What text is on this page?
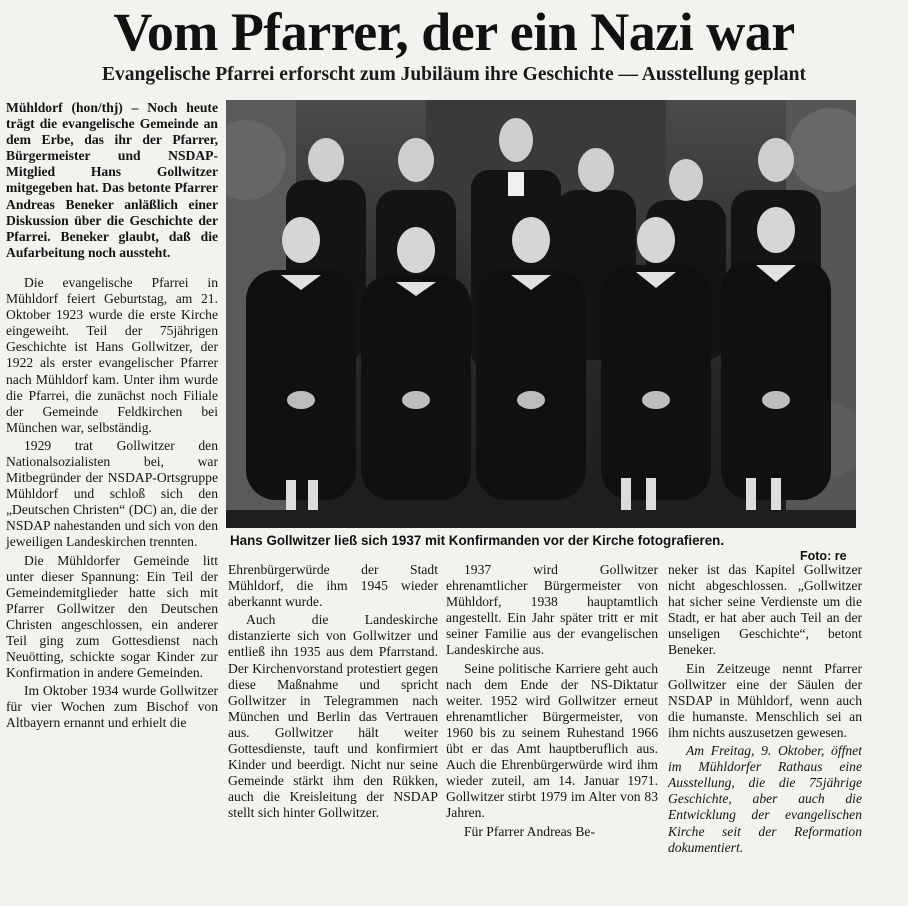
Vom Pfarrer, der ein Nazi war
Evangelische Pfarrei erforscht zum Jubiläum ihre Geschichte — Ausstellung geplant

Mühldorf (hon/thj) – Noch heute trägt die evangelische Gemeinde an dem Erbe, das ihr der Pfarrer, Bürgermeister und NSDAP-Mitglied Hans Gollwitzer mitgegeben hat. Das betonte Pfarrer Andreas Beneker anläßlich einer Diskussion über die Geschichte der Pfarrei. Beneker glaubt, daß die Aufarbeitung noch aussteht.

Die evangelische Pfarrei in Mühldorf feiert Geburtstag, am 21. Oktober 1923 wurde die erste Kirche eingeweiht. Teil der 75jährigen Geschichte ist Hans Gollwitzer, der 1922 als erster evangelischer Pfarrer nach Mühldorf kam. Unter ihm wurde die Pfarrei, die zunächst noch Filiale der Gemeinde Feldkirchen bei München war, selbständig.

1929 trat Gollwitzer den Nationalsozialisten bei, war Mitbegründer der NSDAP-Ortsgruppe Mühldorf und schloß sich den „Deutschen Christen“ (DC) an, die der NSDAP nahestanden und sich von den jeweiligen Landeskirchen trennten.

Die Mühldorfer Gemeinde litt unter dieser Spannung: Ein Teil der Gemeindemitglieder hatte sich mit Pfarrer Gollwitzer den Deutschen Christen angeschlossen, ein anderer Teil ging zum Gottesdienst nach Neuötting, schickte sogar Kinder zur Konfirmation in andere Gemeinden.

Im Oktober 1934 wurde Gollwitzer für vier Wochen zum Bischof von Altbayern ernannt und erhielt die

Hans Gollwitzer ließ sich 1937 mit Konfirmanden vor der Kirche fotografieren.
Foto: re

Ehrenbürgerwürde der Stadt Mühldorf, die ihm 1945 wieder aberkannt wurde.

Auch die Landeskirche distanzierte sich von Gollwitzer und entließ ihn 1935 aus dem Pfarrstand. Der Kirchenvorstand protestiert gegen diese Maßnahme und spricht Gollwitzer in Telegrammen nach München und Berlin das Vertrauen aus. Gollwitzer hält weiter Gottesdienste, tauft und konfirmiert Kinder und beerdigt. Nicht nur seine Gemeinde stärkt ihm den Rükken, auch die Kreisleitung der NSDAP stellt sich hinter Gollwitzer.

1937 wird Gollwitzer ehrenamtlicher Bürgermeister von Mühldorf, 1938 hauptamtlich angestellt. Ein Jahr später tritt er mit seiner Familie aus der evangelischen Landeskirche aus.

Seine politische Karriere geht auch nach dem Ende der NS-Diktatur weiter. 1952 wird Gollwitzer erneut ehrenamtlicher Bürgermeister, von 1960 bis zu seinem Ruhestand 1966 übt er das Amt hauptberuflich aus. Auch die Ehrenbürgerwürde wird ihm wieder zuteil, am 14. Januar 1971. Gollwitzer stirbt 1979 im Alter von 83 Jahren.

Für Pfarrer Andreas Be-

neker ist das Kapitel Gollwitzer nicht abgeschlossen. „Gollwitzer hat sicher seine Verdienste um die Stadt, er hat aber auch Teil an der unseligen Geschichte“, betont Beneker.

Ein Zeitzeuge nennt Pfarrer Gollwitzer eine der Säulen der NSDAP in Mühldorf, wenn auch die humanste. Menschlich sei an ihm nichts auszusetzen gewesen.

Am Freitag, 9. Oktober, öffnet im Mühldorfer Rathaus eine Ausstellung, die die 75jährige Geschichte, aber auch die Entwicklung der evangelischen Kirche seit der Reformation dokumentiert.
